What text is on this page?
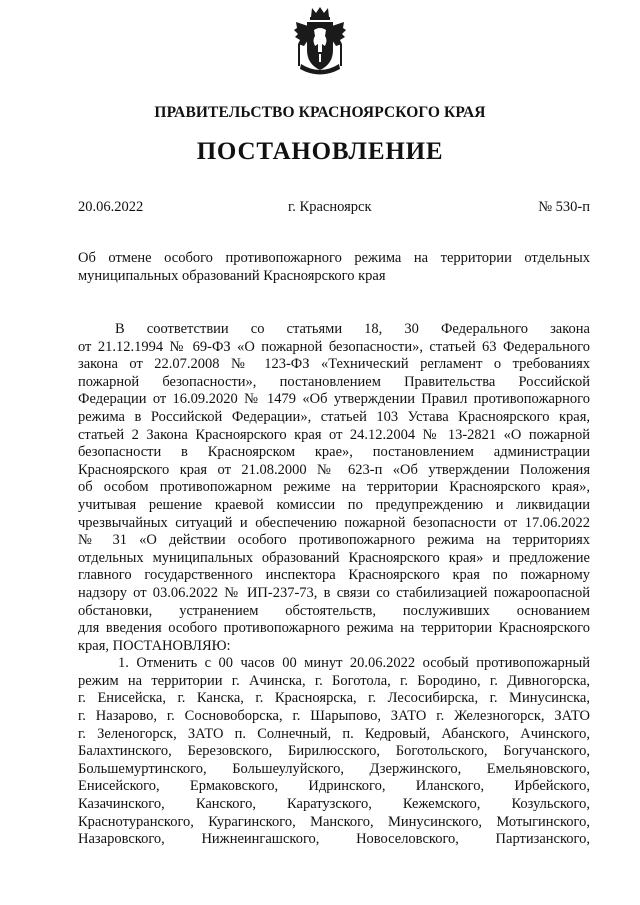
ПРАВИТЕЛЬСТВО КРАСНОЯРСКОГО КРАЯ
ПОСТАНОВЛЕНИЕ
20.06.2022	г. Красноярск	№ 530-п
Об отмене особого противопожарного режима на территории отдельных муниципальных образований Красноярского края
В соответствии со статьями 18, 30 Федерального закона
от 21.12.1994 № 69-ФЗ «О пожарной безопасности», статьей 63 Федерального
закона от 22.07.2008 № 123-ФЗ «Технический регламент о требованиях
пожарной безопасности», постановлением Правительства Российской
Федерации от 16.09.2020 № 1479 «Об утверждении Правил противопожарного
режима в Российской Федерации», статьей 103 Устава Красноярского края,
статьей 2 Закона Красноярского края от 24.12.2004 № 13-2821 «О пожарной
безопасности в Красноярском крае», постановлением администрации
Красноярского края от 21.08.2000 № 623-п «Об утверждении Положения
об особом противопожарном режиме на территории Красноярского края»,
учитывая решение краевой комиссии по предупреждению и ликвидации
чрезвычайных ситуаций и обеспечению пожарной безопасности от 17.06.2022
№ 31 «О действии особого противопожарного режима на территориях
отдельных муниципальных образований Красноярского края» и предложение
главного государственного инспектора Красноярского края по пожарному
надзору от 03.06.2022 № ИП-237-73, в связи со стабилизацией пожароопасной
обстановки, устранением обстоятельств, послуживших основанием
для введения особого противопожарного режима на территории Красноярского
края, ПОСТАНОВЛЯЮ:
1. Отменить с 00 часов 00 минут 20.06.2022 особый противопожарный
режим на территории г. Ачинска, г. Боготола, г. Бородино, г. Дивногорска,
г. Енисейска, г. Канска, г. Красноярска, г. Лесосибирска, г. Минусинска,
г. Назарово, г. Сосновоборска, г. Шарыпово, ЗАТО г. Железногорск, ЗАТО
г. Зеленогорск, ЗАТО п. Солнечный, п. Кедровый, Абанского, Ачинского,
Балахтинского, Березовского, Бирилюсского, Боготольского, Богучанского,
Большемуртинского, Большеулуйского, Дзержинского, Емельяновского,
Енисейского, Ермаковского, Идринского, Иланского, Ирбейского,
Казачинского, Канского, Каратузского, Кежемского, Козульского,
Краснотуранского, Курагинского, Манского, Минусинского, Мотыгинского,
Назаровского, Нижнеингашского, Новоселовского, Партизанского,
